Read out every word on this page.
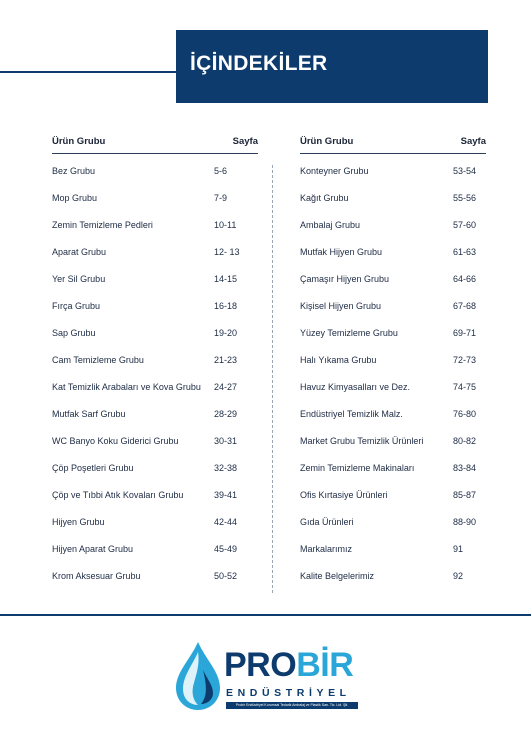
İÇİNDEKİLER
Ürün Grubu	Sayfa
Bez Grubu	5-6
Mop Grubu	7-9
Zemin Temizleme Pedleri	10-11
Aparat Grubu	12- 13
Yer Sil Grubu	14-15
Fırça Grubu	16-18
Sap Grubu	19-20
Cam Temizleme Grubu	21-23
Kat Temizlik Arabaları ve Kova Grubu 24-27
Mutfak Sarf Grubu	28-29
WC Banyo Koku Giderici Grubu	30-31
Çöp Poşetleri Grubu	32-38
Çöp ve Tıbbi Atık Kovaları Grubu	39-41
Hijyen Grubu	42-44
Hijyen Aparat Grubu	45-49
Krom Aksesuar Grubu	50-52
Ürün Grubu	Sayfa
Konteyner Grubu	53-54
Kağıt Grubu	55-56
Ambalaj Grubu	57-60
Mutfak Hijyen Grubu	61-63
Çamaşır Hijyen Grubu	64-66
Kişisel Hijyen Grubu	67-68
Yüzey Temizleme Grubu	69-71
Halı Yıkama Grubu	72-73
Havuz Kimyasalları ve Dez.	74-75
Endüstriyel Temizlik Malz.	76-80
Market Grubu Temizlik Ürünleri	80-82
Zemin Temizleme Makinaları	83-84
Ofis Kırtasiye Ürünleri	85-87
Gıda Ürünleri	88-90
Markalarımız	91
Kalite Belgelerimiz	92
PROBİR
ENDÜSTRİYEL
Probir Endüstriyel Kurumsal Tedarik Ambalaj ve Plastik San. Tic. Ltd. Şti.
